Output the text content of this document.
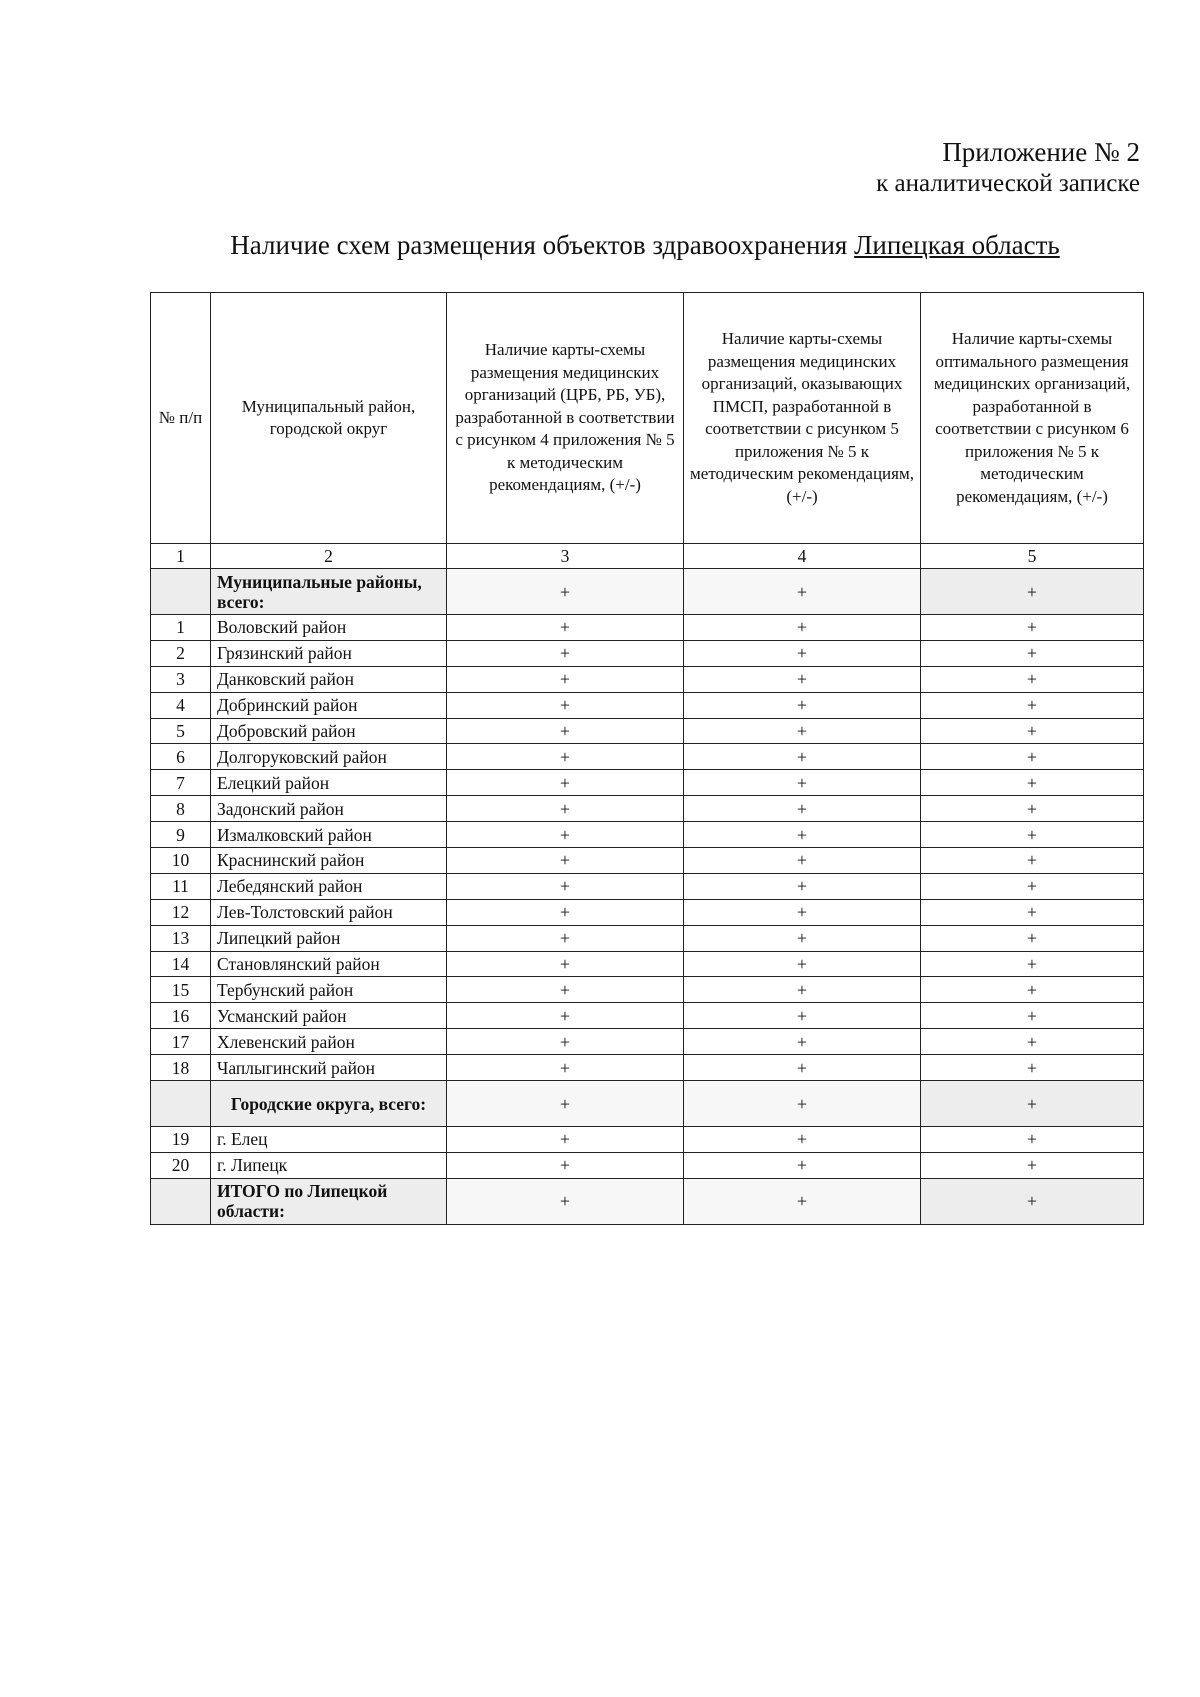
Приложение № 2
к аналитической записке
Наличие схем размещения объектов здравоохранения Липецкая область
№ п/п	Муниципальный район, городской округ	Наличие карты-схемы размещения медицинских организаций (ЦРБ, РБ, УБ), разработанной в соответствии с рисунком 4 приложения № 5 к методическим рекомендациям, (+/-)	Наличие карты-схемы размещения медицинских организаций, оказывающих ПМСП, разработанной в соответствии с рисунком 5 приложения № 5 к методическим рекомендациям, (+/-)	Наличие карты-схемы оптимального размещения медицинских организаций, разработанной в соответствии с рисунком 6 приложения № 5 к методическим рекомендациям, (+/-)
1	2	3	4	5
	Муниципальные районы, всего:	+	+	+
1	Воловский район	+	+	+
2	Грязинский район	+	+	+
3	Данковский район	+	+	+
4	Добринский район	+	+	+
5	Добровский район	+	+	+
6	Долгоруковский район	+	+	+
7	Елецкий район	+	+	+
8	Задонский район	+	+	+
9	Измалковский район	+	+	+
10	Краснинский район	+	+	+
11	Лебедянский район	+	+	+
12	Лев-Толстовский район	+	+	+
13	Липецкий район	+	+	+
14	Становлянский район	+	+	+
15	Тербунский район	+	+	+
16	Усманский район	+	+	+
17	Хлевенский район	+	+	+
18	Чаплыгинский район	+	+	+
	Городские округа, всего:	+	+	+
19	г. Елец	+	+	+
20	г. Липецк	+	+	+
	ИТОГО по Липецкой области:	+	+	+
